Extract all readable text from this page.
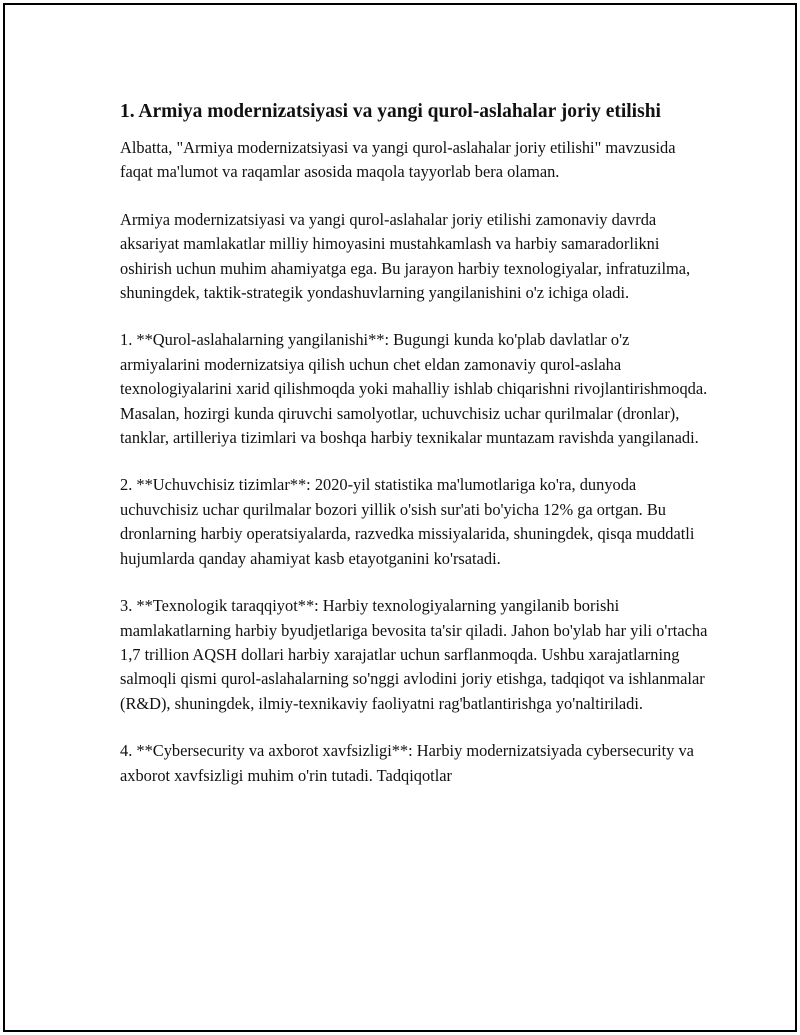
1. Armiya modernizatsiyasi va yangi qurol-aslahalar joriy etilishi

Albatta, "Armiya modernizatsiyasi va yangi qurol-aslahalar joriy etilishi" mavzusida faqat ma'lumot va raqamlar asosida maqola tayyorlab bera olaman.

Armiya modernizatsiyasi va yangi qurol-aslahalar joriy etilishi zamonaviy davrda aksariyat mamlakatlar milliy himoyasini mustahkamlash va harbiy samaradorlikni oshirish uchun muhim ahamiyatga ega. Bu jarayon harbiy texnologiyalar, infratuzilma, shuningdek, taktik-strategik yondashuvlarning yangilanishini o'z ichiga oladi.

1. **Qurol-aslahalarning yangilanishi**: Bugungi kunda ko'plab davlatlar o'z armiyalarini modernizatsiya qilish uchun chet eldan zamonaviy qurol-aslaha texnologiyalarini xarid qilishmoqda yoki mahalliy ishlab chiqarishni rivojlantirishmoqda. Masalan, hozirgi kunda qiruvchi samolyotlar, uchuvchisiz uchar qurilmalar (dronlar), tanklar, artilleriya tizimlari va boshqa harbiy texnikalar muntazam ravishda yangilanadi.

2. **Uchuvchisiz tizimlar**: 2020-yil statistika ma'lumotlariga ko'ra, dunyoda uchuvchisiz uchar qurilmalar bozori yillik o'sish sur'ati bo'yicha 12% ga ortgan. Bu dronlarning harbiy operatsiyalarda, razvedka missiyalarida, shuningdek, qisqa muddatli hujumlarda qanday ahamiyat kasb etayotganini ko'rsatadi.

3. **Texnologik taraqqiyot**: Harbiy texnologiyalarning yangilanib borishi mamlakatlarning harbiy byudjetlariga bevosita ta'sir qiladi. Jahon bo'ylab har yili o'rtacha 1,7 trillion AQSH dollari harbiy xarajatlar uchun sarflanmoqda. Ushbu xarajatlarning salmoqli qismi qurol-aslahalarning so'nggi avlodini joriy etishga, tadqiqot va ishlanmalar (R&D), shuningdek, ilmiy-texnikaviy faoliyatni rag'batlantirishga yo'naltiriladi.

4. **Cybersecurity va axborot xavfsizligi**: Harbiy modernizatsiyada cybersecurity va axborot xavfsizligi muhim o'rin tutadi. Tadqiqotlar
